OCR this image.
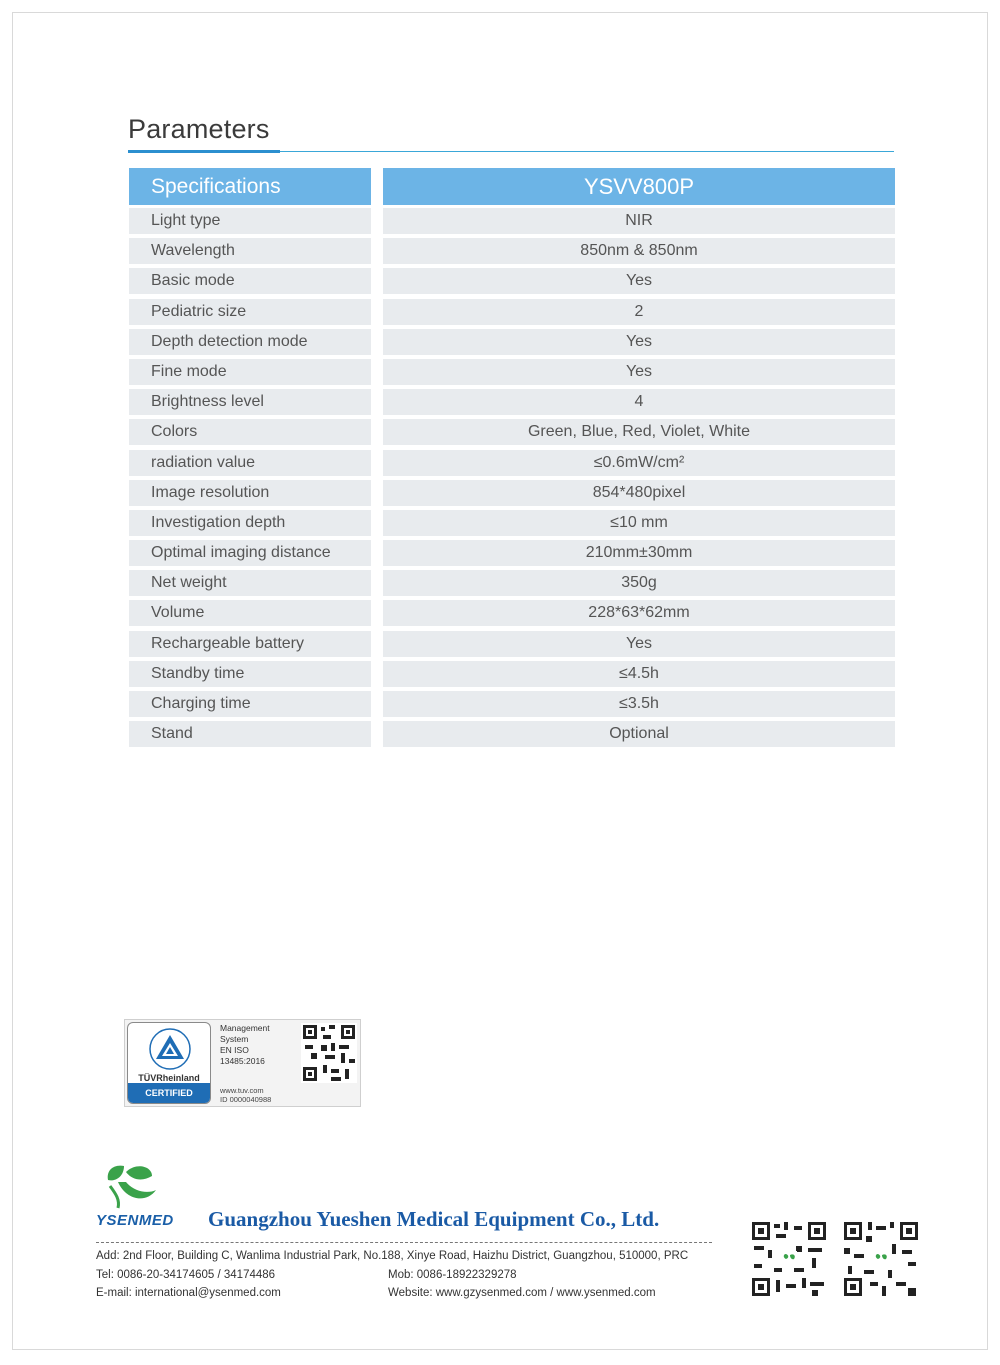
Parameters
Specifications	YSVV800P
Light type	NIR
Wavelength	850nm & 850nm
Basic mode	Yes
Pediatric size	2
Depth detection mode	Yes
Fine mode	Yes
Brightness level	4
Colors	Green, Blue, Red, Violet, White
radiation value	≤0.6mW/cm²
Image resolution	854*480pixel
Investigation depth	≤10 mm
Optimal imaging distance	210mm±30mm
Net weight	350g
Volume	228*63*62mm
Rechargeable battery	Yes
Standby time	≤4.5h
Charging time	≤3.5h
Stand	Optional
TÜVRheinland
CERTIFIED
Management
System
EN ISO
13485:2016
www.tuv.com
ID 0000040988
YSENMED Guangzhou Yueshen Medical Equipment Co., Ltd.
Add: 2nd Floor, Building C, Wanlima Industrial Park, No.188, Xinye Road, Haizhu District, Guangzhou, 510000, PRC
Tel: 0086-20-34174605 / 34174486	Mob: 0086-18922329278
E-mail: international@ysenmed.com	Website: www.gzysenmed.com / www.ysenmed.com
